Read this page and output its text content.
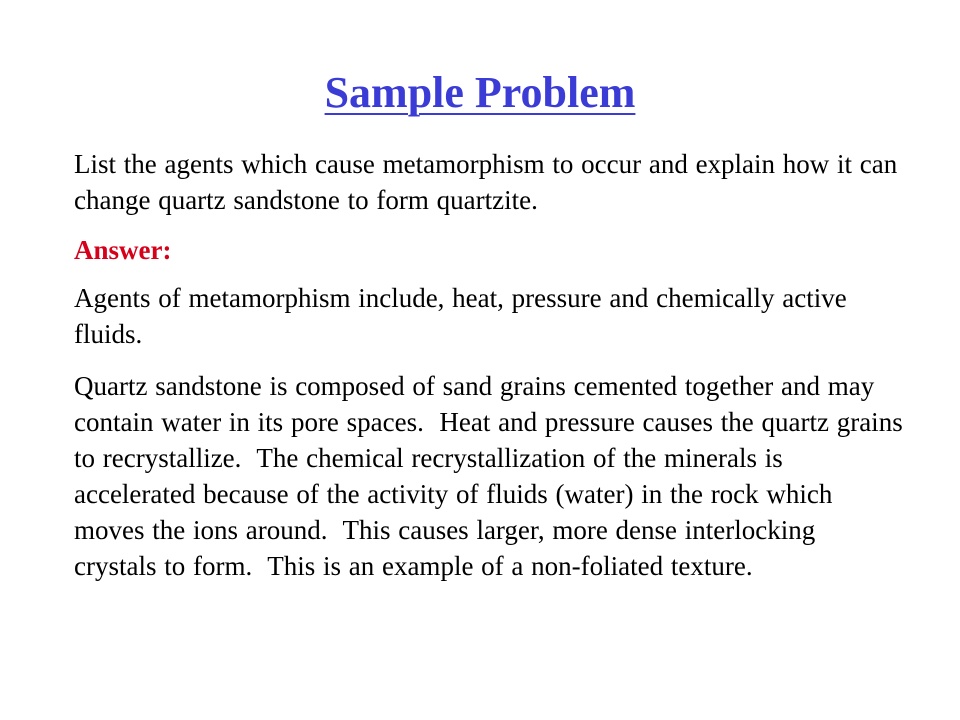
Sample Problem

List the agents which cause metamorphism to occur and explain how it can change quartz sandstone to form quartzite.

Answer:

Agents of metamorphism include, heat, pressure and chemically active fluids.

Quartz sandstone is composed of sand grains cemented together and may contain water in its pore spaces.  Heat and pressure causes the quartz grains to recrystallize.  The chemical recrystallization of the minerals is accelerated because of the activity of fluids (water) in the rock which moves the ions around.  This causes larger, more dense interlocking crystals to form.  This is an example of a non-foliated texture.
